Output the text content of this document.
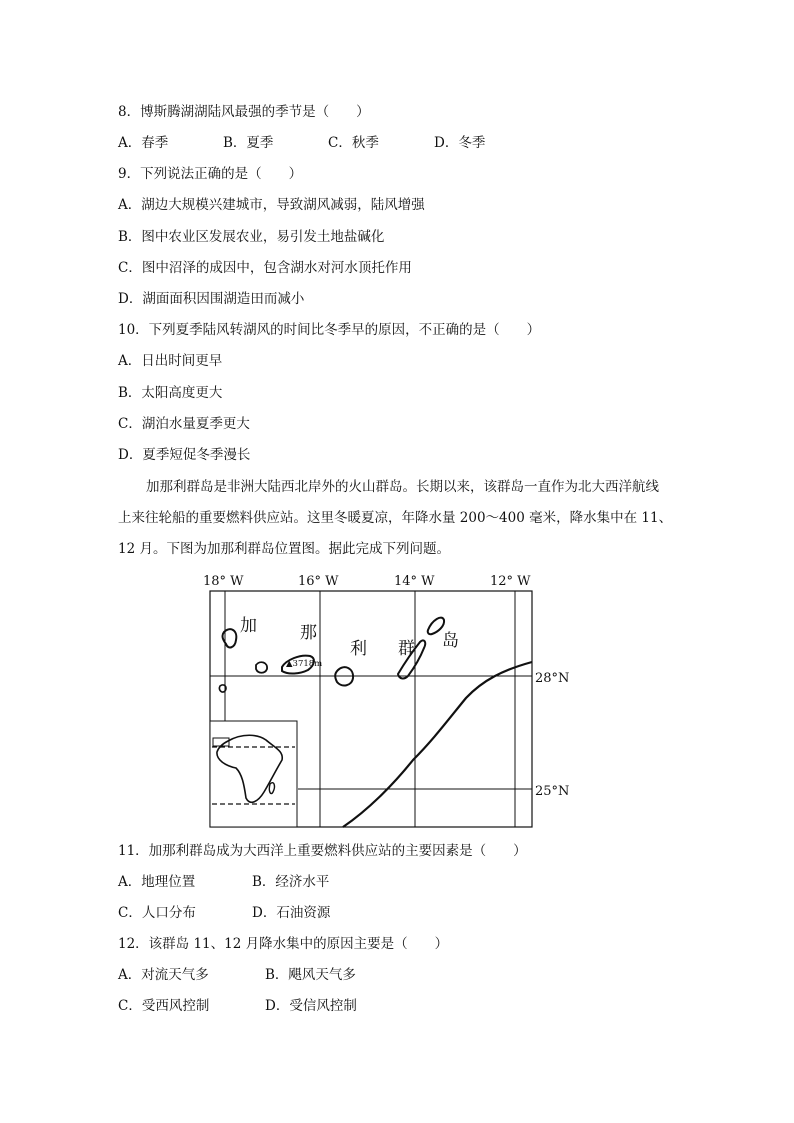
8．博斯腾湖湖陆风最强的季节是（　　）
A．春季	B．夏季	C．秋季	D．冬季
9．下列说法正确的是（　　）
A．湖边大规模兴建城市，导致湖风减弱，陆风增强
B．图中农业区发展农业，易引发土地盐碱化
C．图中沼泽的成因中，包含湖水对河水顶托作用
D．湖面面积因围湖造田而减小
10．下列夏季陆风转湖风的时间比冬季早的原因，不正确的是（　　）
A．日出时间更早
B．太阳高度更大
C．湖泊水量夏季更大
D．夏季短促冬季漫长
加那利群岛是非洲大陆西北岸外的火山群岛。长期以来，该群岛一直作为北大西洋航线
上来往轮船的重要燃料供应站。这里冬暖夏凉，年降水量 200～400 毫米，降水集中在 11、
12 月。下图为加那利群岛位置图。据此完成下列问题。
18° W	16° W	14° W	12° W
28°N
25°N
加	那
利 群 岛
▲3718m
11．加那利群岛成为大西洋上重要燃料供应站的主要因素是（　　）
A．地理位置	B．经济水平
C．人口分布	D．石油资源
12．该群岛 11、12 月降水集中的原因主要是（　　）
A．对流天气多	B．飓风天气多
C．受西风控制	D．受信风控制
